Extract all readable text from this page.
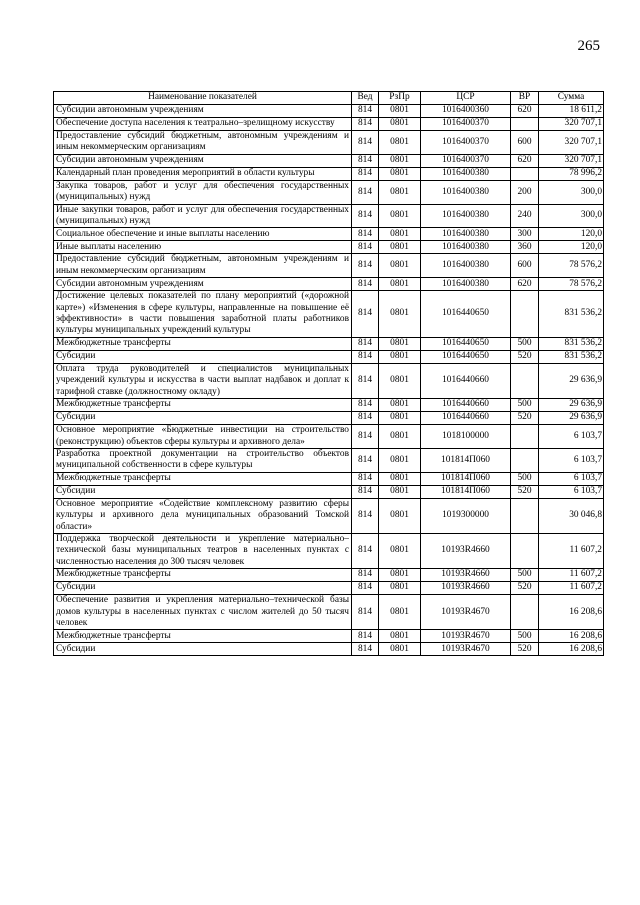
265
Наименование показателей	Вед	РзПр	ЦСР	ВР	Сумма
Субсидии автономным учреждениям	814	0801	1016400360	620	18 611,2
Обеспечение доступа населения к театрально–зрелищному искусству	814	0801	1016400370		320 707,1
Предоставление субсидий бюджетным, автономным учреждениям и иным некоммерческим организациям	814	0801	1016400370	600	320 707,1
Субсидии автономным учреждениям	814	0801	1016400370	620	320 707,1
Календарный план проведения мероприятий в области культуры	814	0801	1016400380		78 996,2
Закупка товаров, работ и услуг для обеспечения государственных (муниципальных) нужд	814	0801	1016400380	200	300,0
Иные закупки товаров, работ и услуг для обеспечения государственных (муниципальных) нужд	814	0801	1016400380	240	300,0
Социальное обеспечение и иные выплаты населению	814	0801	1016400380	300	120,0
Иные выплаты населению	814	0801	1016400380	360	120,0
Предоставление субсидий бюджетным, автономным учреждениям и иным некоммерческим организациям	814	0801	1016400380	600	78 576,2
Субсидии автономным учреждениям	814	0801	1016400380	620	78 576,2
Достижение целевых показателей по плану мероприятий («дорожной карте») «Изменения в сфере культуры, направленные на повышение её эффективности» в части повышения заработной платы работников культуры муниципальных учреждений культуры	814	0801	1016440650		831 536,2
Межбюджетные трансферты	814	0801	1016440650	500	831 536,2
Субсидии	814	0801	1016440650	520	831 536,2
Оплата труда руководителей и специалистов муниципальных учреждений культуры и искусства в части выплат надбавок и доплат к тарифной ставке (должностному окладу)	814	0801	1016440660		29 636,9
Межбюджетные трансферты	814	0801	1016440660	500	29 636,9
Субсидии	814	0801	1016440660	520	29 636,9
Основное мероприятие «Бюджетные инвестиции на строительство (реконструкцию) объектов сферы культуры и архивного дела»	814	0801	1018100000		6 103,7
Разработка проектной документации на строительство объектов муниципальной собственности в сфере культуры	814	0801	101814П060		6 103,7
Межбюджетные трансферты	814	0801	101814П060	500	6 103,7
Субсидии	814	0801	101814П060	520	6 103,7
Основное мероприятие «Содействие комплексному развитию сферы культуры и архивного дела муниципальных образований Томской области»	814	0801	1019300000		30 046,8
Поддержка творческой деятельности и укрепление материально–технической базы муниципальных театров в населенных пунктах с численностью населения до 300 тысяч человек	814	0801	10193R4660		11 607,2
Межбюджетные трансферты	814	0801	10193R4660	500	11 607,2
Субсидии	814	0801	10193R4660	520	11 607,2
Обеспечение развития и укрепления материально–технической базы домов культуры в населенных пунктах с числом жителей до 50 тысяч человек	814	0801	10193R4670		16 208,6
Межбюджетные трансферты	814	0801	10193R4670	500	16 208,6
Субсидии	814	0801	10193R4670	520	16 208,6
